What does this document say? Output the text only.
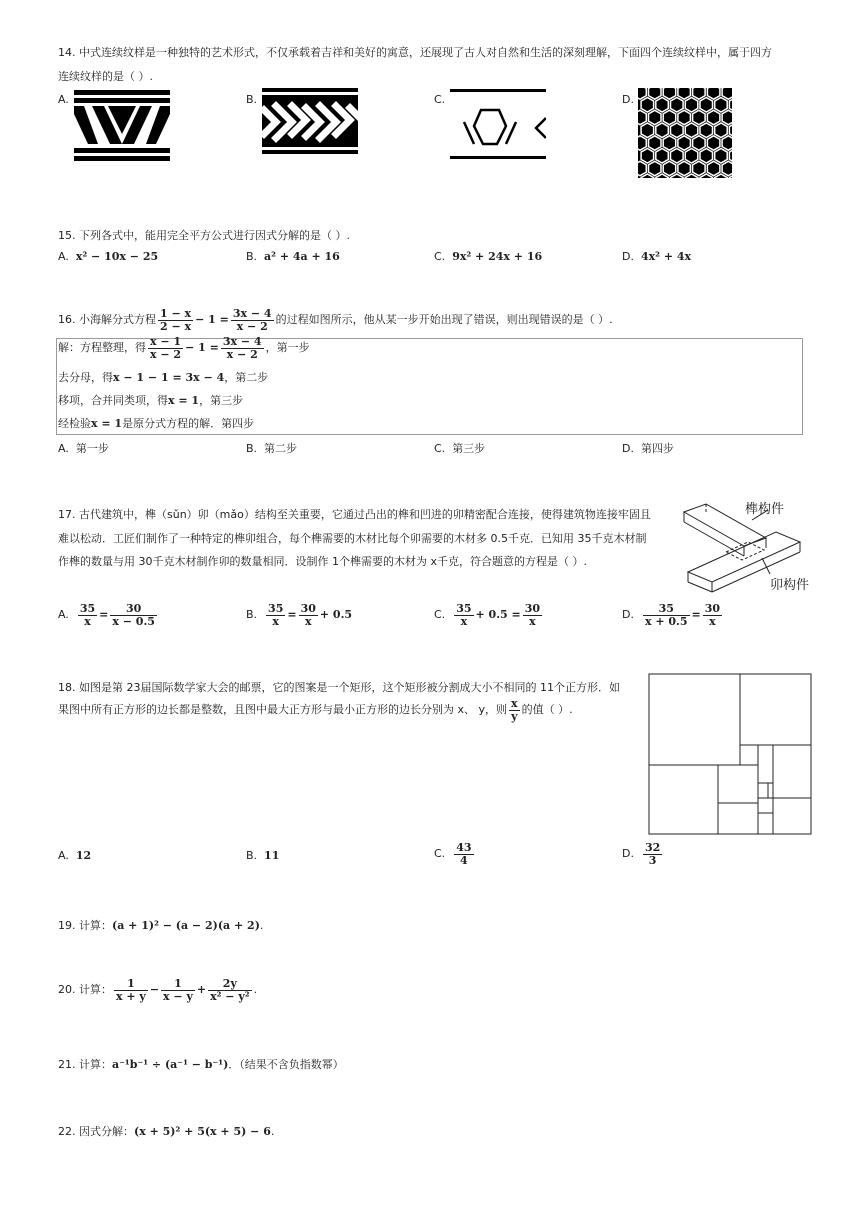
14. 中式连续纹样是一种独特的艺术形式，不仅承载着吉祥和美好的寓意，还展现了古人对自然和生活的深刻理解，下面四个连续纹样中，属于四方
连续纹样的是（ ）.
A.	B.	C.	D.
15. 下列各式中，能用完全平方公式进行因式分解的是（ ）.
A. x² − 10x − 25	B. a² + 4a + 16	C. 9x² + 24x + 16	D. 4x² + 4x
16. 小海解分式方程 $\frac{1 - x}{2 - x} - 1 = \frac{3x - 4}{x - 2}$ 的过程如图所示，他从某一步开始出现了错误，则出现错误的是（ ）.
解：方程整理，得 $\frac{x - 1}{x - 2} - 1 = \frac{3x - 4}{x - 2}$ ，第一步
去分母，得x − 1 − 1 = 3x − 4，第二步
移项，合并同类项，得x = 1，第三步
经检验x = 1是原分式方程的解．第四步
A. 第一步	B. 第二步	C. 第三步	D. 第四步
17. 古代建筑中，榫（sǔn）卯（mǎo）结构至关重要，它通过凸出的榫和凹进的卯精密配合连接，使得建筑物连接牢固且
难以松动．工匠们制作了一种特定的榫卯组合，每个榫需要的木材比每个卯需要的木材多 0.5千克．已知用 35千克木材制
作榫的数量与用 30千克木材制作卯的数量相同．设制作 1个榫需要的木材为 x千克，符合题意的方程是（ ）.
榫构件
卯构件
A. $\frac{35}{x} = \frac{30}{x - 0.5}$	B. $\frac{35}{x} = \frac{30}{x} + 0.5$	C. $\frac{35}{x} + 0.5 = \frac{30}{x}$	D. $\frac{35}{x + 0.5} = \frac{30}{x}$
18. 如图是第 23届国际数学家大会的邮票，它的图案是一个矩形，这个矩形被分割成大小不相同的 11个正方形．如
果图中所有正方形的边长都是整数，且图中最大正方形与最小正方形的边长分别为 x、 y，则 $\frac{x}{y}$ 的值（ ）.
A. 12	B. 11	C. $\frac{43}{4}$	D. $\frac{32}{3}$
19. 计算：(a + 1)² − (a − 2)(a + 2).
20. 计算： $\frac{1}{x + y} - \frac{1}{x - y} + \frac{2y}{\text{x² − y²}}$ .
21. 计算：a⁻¹b⁻¹ ÷ (a⁻¹ − b⁻¹)．（结果不含负指数幂）
22. 因式分解：(x + 5)² + 5(x + 5) − 6.
